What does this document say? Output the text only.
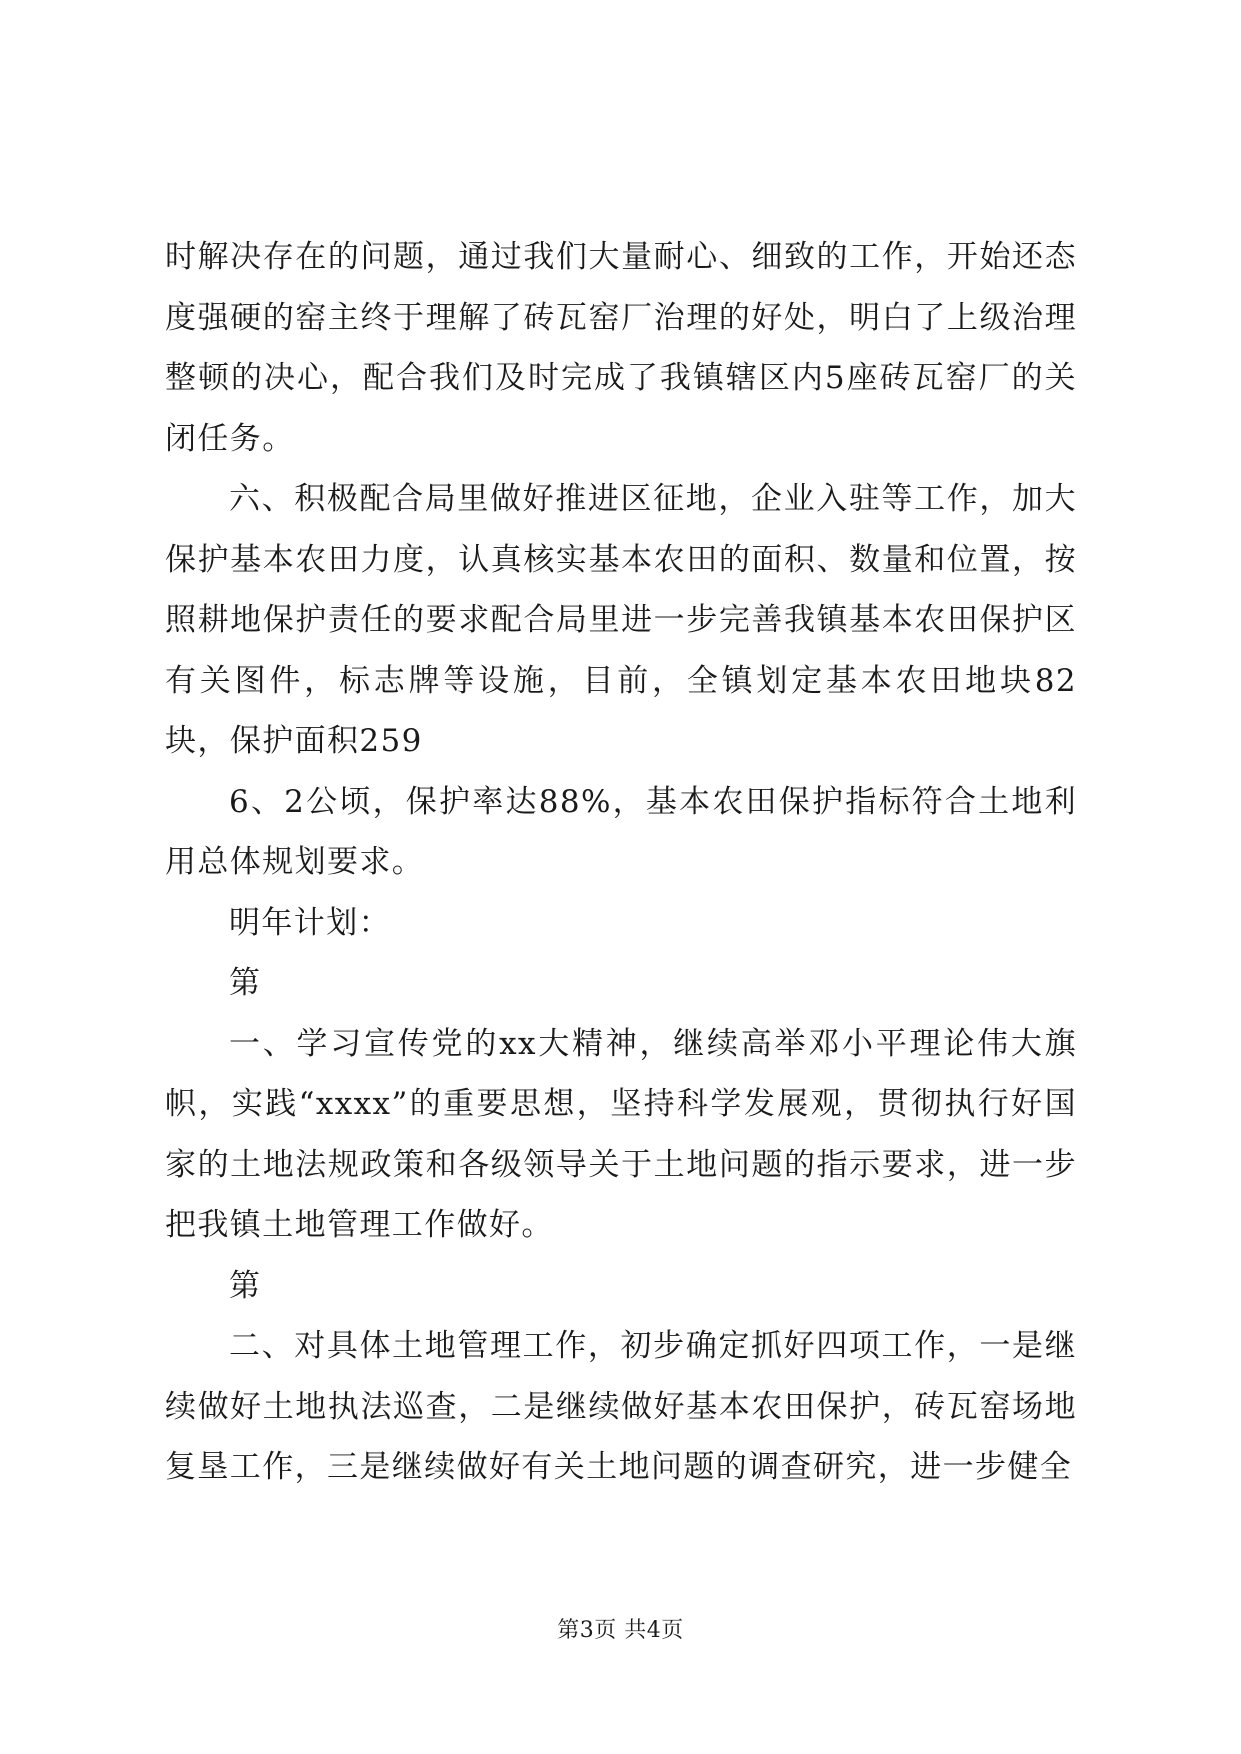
时解决存在的问题，通过我们大量耐心、细致的工作，开始还态度强硬的窑主终于理解了砖瓦窑厂治理的好处，明白了上级治理整顿的决心，配合我们及时完成了我镇辖区内5座砖瓦窑厂的关闭任务。

六、积极配合局里做好推进区征地，企业入驻等工作，加大保护基本农田力度，认真核实基本农田的面积、数量和位置，按照耕地保护责任的要求配合局里进一步完善我镇基本农田保护区有关图件，标志牌等设施，目前，全镇划定基本农田地块82块，保护面积259

6、2公顷，保护率达88%，基本农田保护指标符合土地利用总体规划要求。

明年计划：

第

一、学习宣传党的xx大精神，继续高举邓小平理论伟大旗帜，实践“xxxx”的重要思想，坚持科学发展观，贯彻执行好国家的土地法规政策和各级领导关于土地问题的指示要求，进一步把我镇土地管理工作做好。

第

二、对具体土地管理工作，初步确定抓好四项工作，一是继续做好土地执法巡查，二是继续做好基本农田保护，砖瓦窑场地复垦工作，三是继续做好有关土地问题的调查研究，进一步健全

第3页 共4页
